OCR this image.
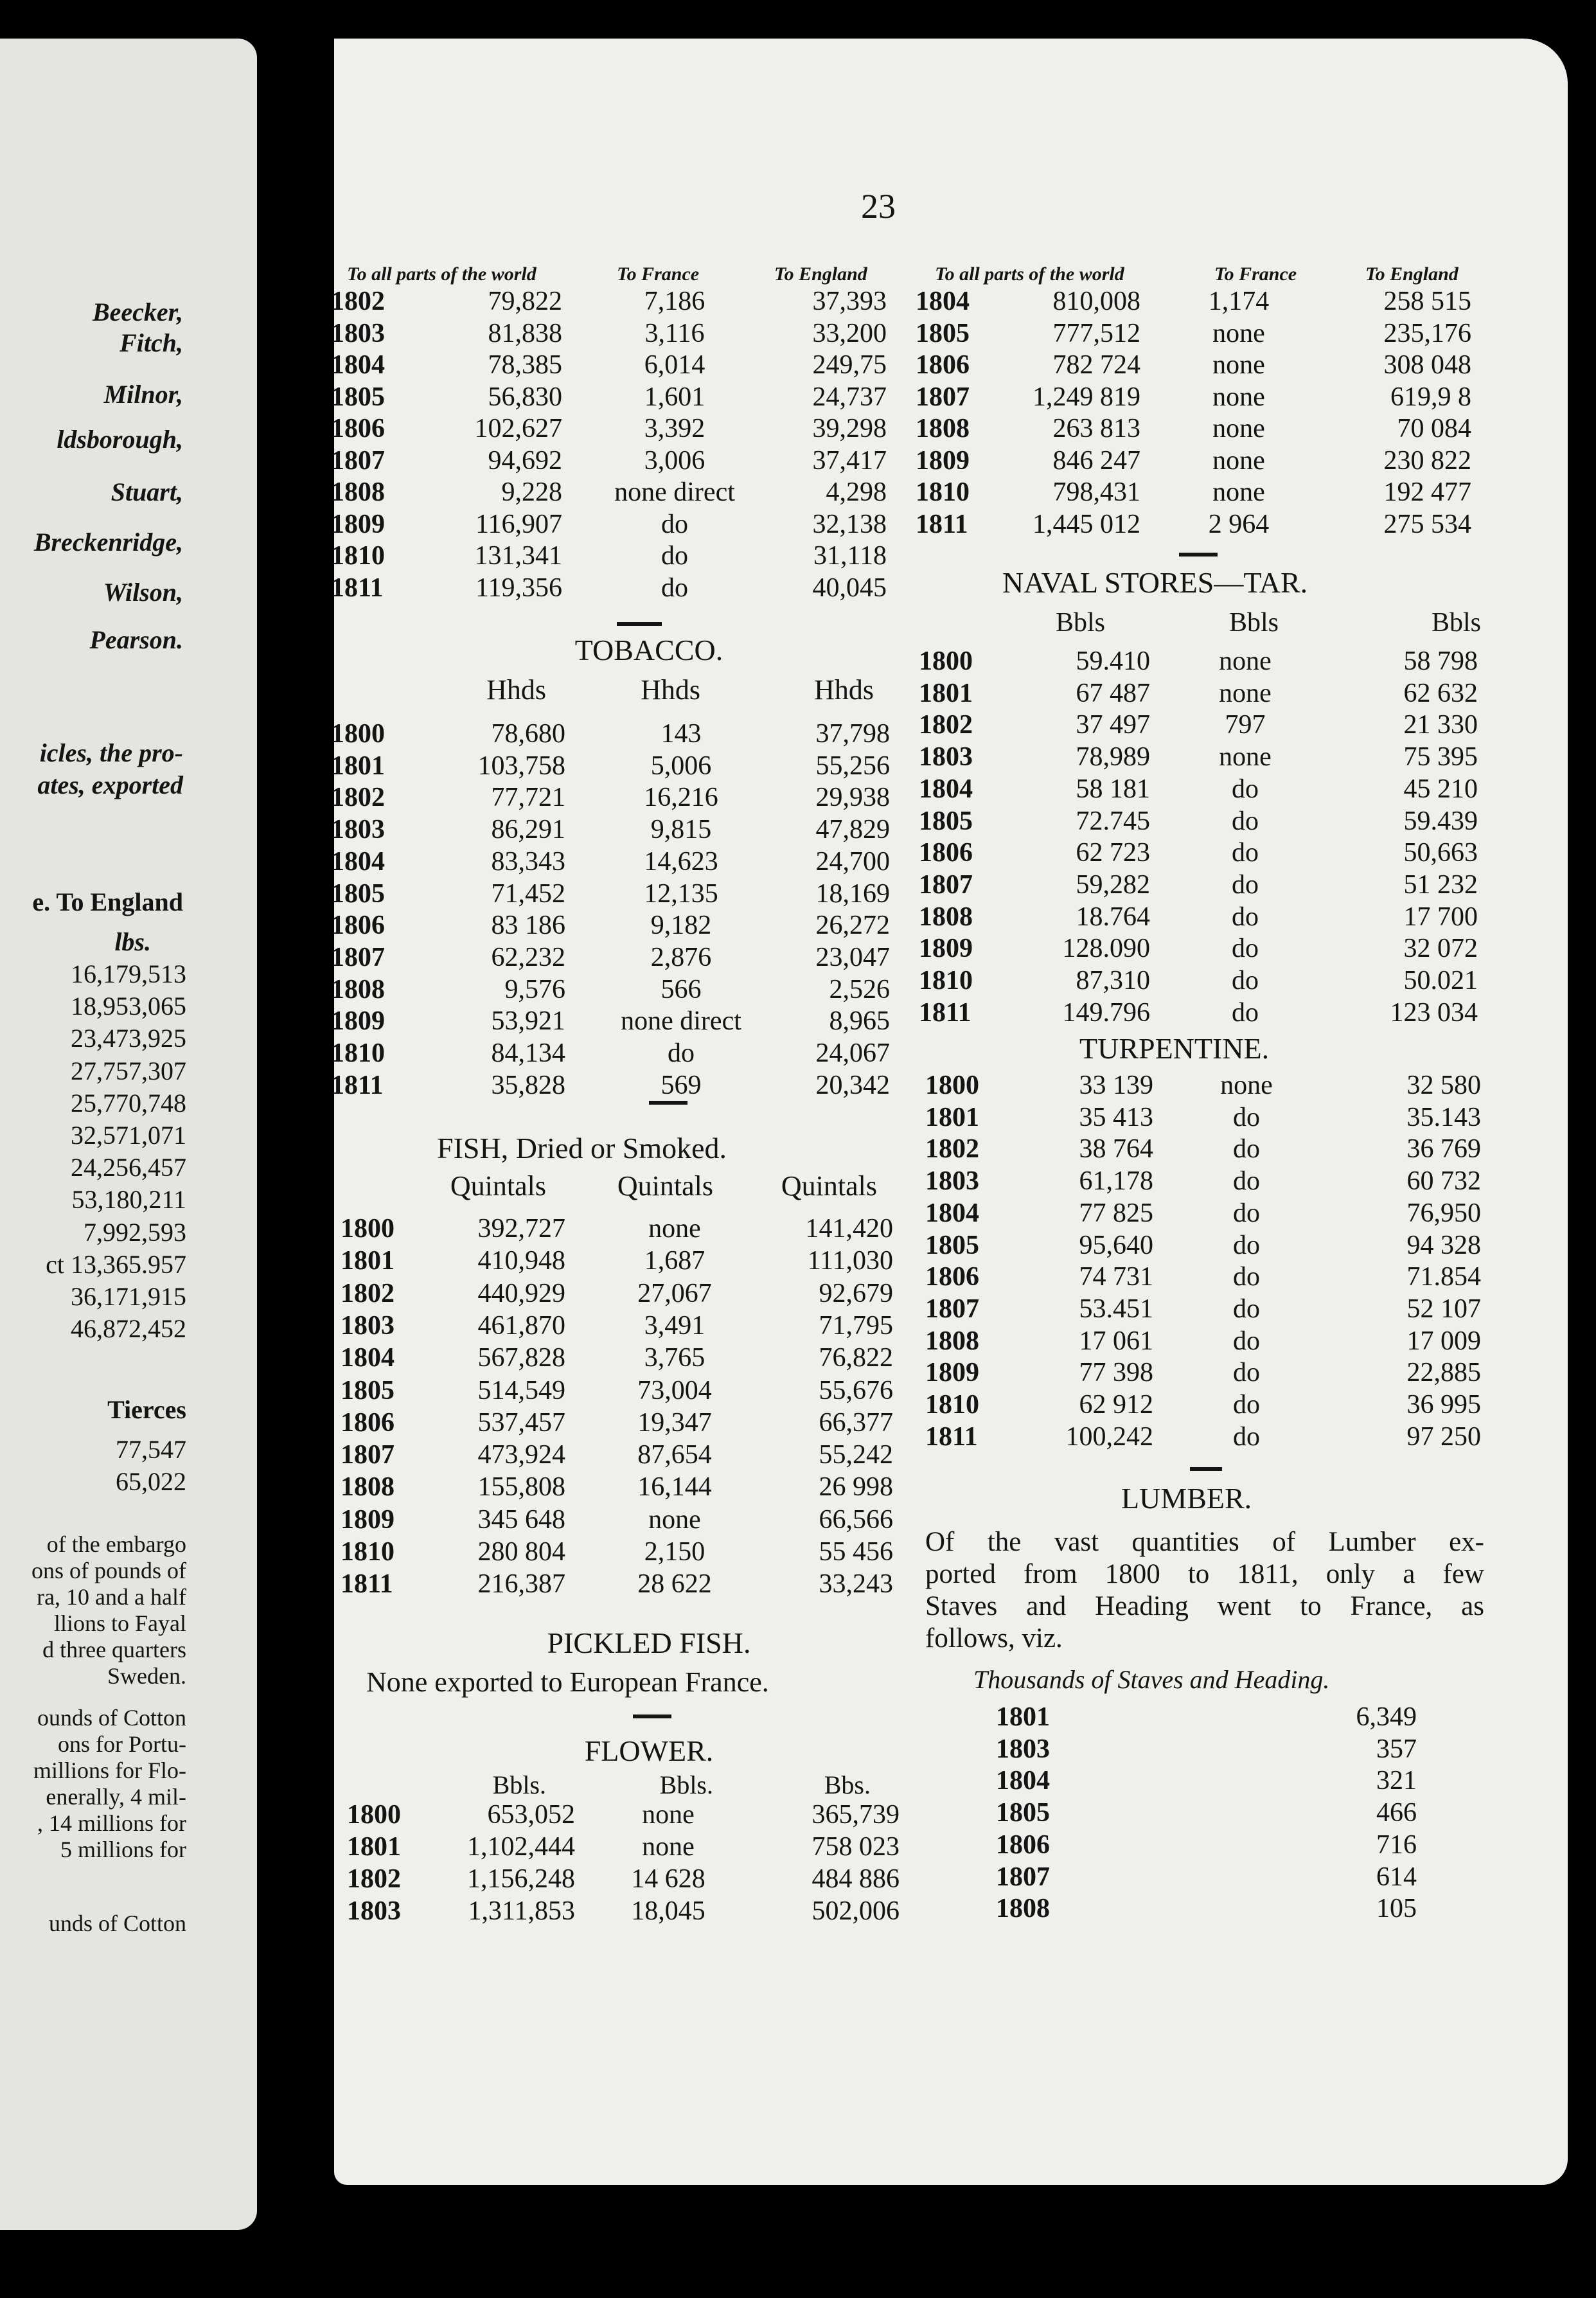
Beecker,
Fitch,
Milnor,
ldsborough,
Stuart,
Breckenridge,
Wilson,
Pearson.
icles, the pro-
ates, exported
e. To England
lbs.
16,179,513
18,953,065
23,473,925
27,757,307
25,770,748
32,571,071
24,256,457
53,180,211
7,992,593
ct 13,365.957
36,171,915
46,872,452
Tierces
77,547
65,022
of the embargo
ons of pounds of
ra, 10 and a half
llions to Fayal
d three quarters
Sweden.
ounds of Cotton
ons for Portu-
millions for Flo-
enerally, 4 mil-
, 14 millions for
5 millions for
unds of Cotton
23
To all parts of the world	To France	To England	To all parts of the world	To France	To England
1802	79,822	7,186	37,393
1803	81,838	3,116	33,200
1804	78,385	6,014	249,75
1805	56,830	1,601	24,737
1806	102,627	3,392	39,298
1807	94,692	3,006	37,417
1808	9,228	none direct	4,298
1809	116,907	do	32,138
1810	131,341	do	31,118
1811	119,356	do	40,045
1804	810,008	1,174	258 515
1805	777,512	none	235,176
1806	782 724	none	308 048
1807	1,249 819	none	619,9 8
1808	263 813	none	70 084
1809	846 247	none	230 822
1810	798,431	none	192 477
1811	1,445 012	2 964	275 534
TOBACCO.
Hhds	Hhds	Hhds
1800	78,680	143	37,798
1801	103,758	5,006	55,256
1802	77,721	16,216	29,938
1803	86,291	9,815	47,829
1804	83,343	14,623	24,700
1805	71,452	12,135	18,169
1806	83 186	9,182	26,272
1807	62,232	2,876	23,047
1808	9,576	566	2,526
1809	53,921	none direct	8,965
1810	84,134	do	24,067
1811	35,828	569	20,342
FISH, Dried or Smoked.
Quintals	Quintals	Quintals
1800	392,727	none	141,420
1801	410,948	1,687	111,030
1802	440,929	27,067	92,679
1803	461,870	3,491	71,795
1804	567,828	3,765	76,822
1805	514,549	73,004	55,676
1806	537,457	19,347	66,377
1807	473,924	87,654	55,242
1808	155,808	16,144	26 998
1809	345 648	none	66,566
1810	280 804	2,150	55 456
1811	216,387	28 622	33,243
PICKLED FISH.
None exported to European France.
FLOWER.
Bbls.	Bbls.	Bbs.
1800	653,052	none	365,739
1801	1,102,444	none	758 023
1802	1,156,248	14 628	484 886
1803	1,311,853	18,045	502,006
NAVAL STORES—TAR.
Bbls	Bbls	Bbls
1800	59.410	none	58 798
1801	67 487	none	62 632
1802	37 497	797	21 330
1803	78,989	none	75 395
1804	58 181	do	45 210
1805	72.745	do	59.439
1806	62 723	do	50,663
1807	59,282	do	51 232
1808	18.764	do	17 700
1809	128.090	do	32 072
1810	87,310	do	50.021
1811	149.796	do	123 034
TURPENTINE.
1800	33 139	none	32 580
1801	35 413	do	35.143
1802	38 764	do	36 769
1803	61,178	do	60 732
1804	77 825	do	76,950
1805	95,640	do	94 328
1806	74 731	do	71.854
1807	53.451	do	52 107
1808	17 061	do	17 009
1809	77 398	do	22,885
1810	62 912	do	36 995
1811	100,242	do	97 250
LUMBER.
Of the vast quantities of Lumber ex-
ported from 1800 to 1811, only a few
Staves and Heading went to France, as
follows, viz.
Thousands of Staves and Heading.
1801	6,349
1803	357
1804	321
1805	466
1806	716
1807	614
1808	105
